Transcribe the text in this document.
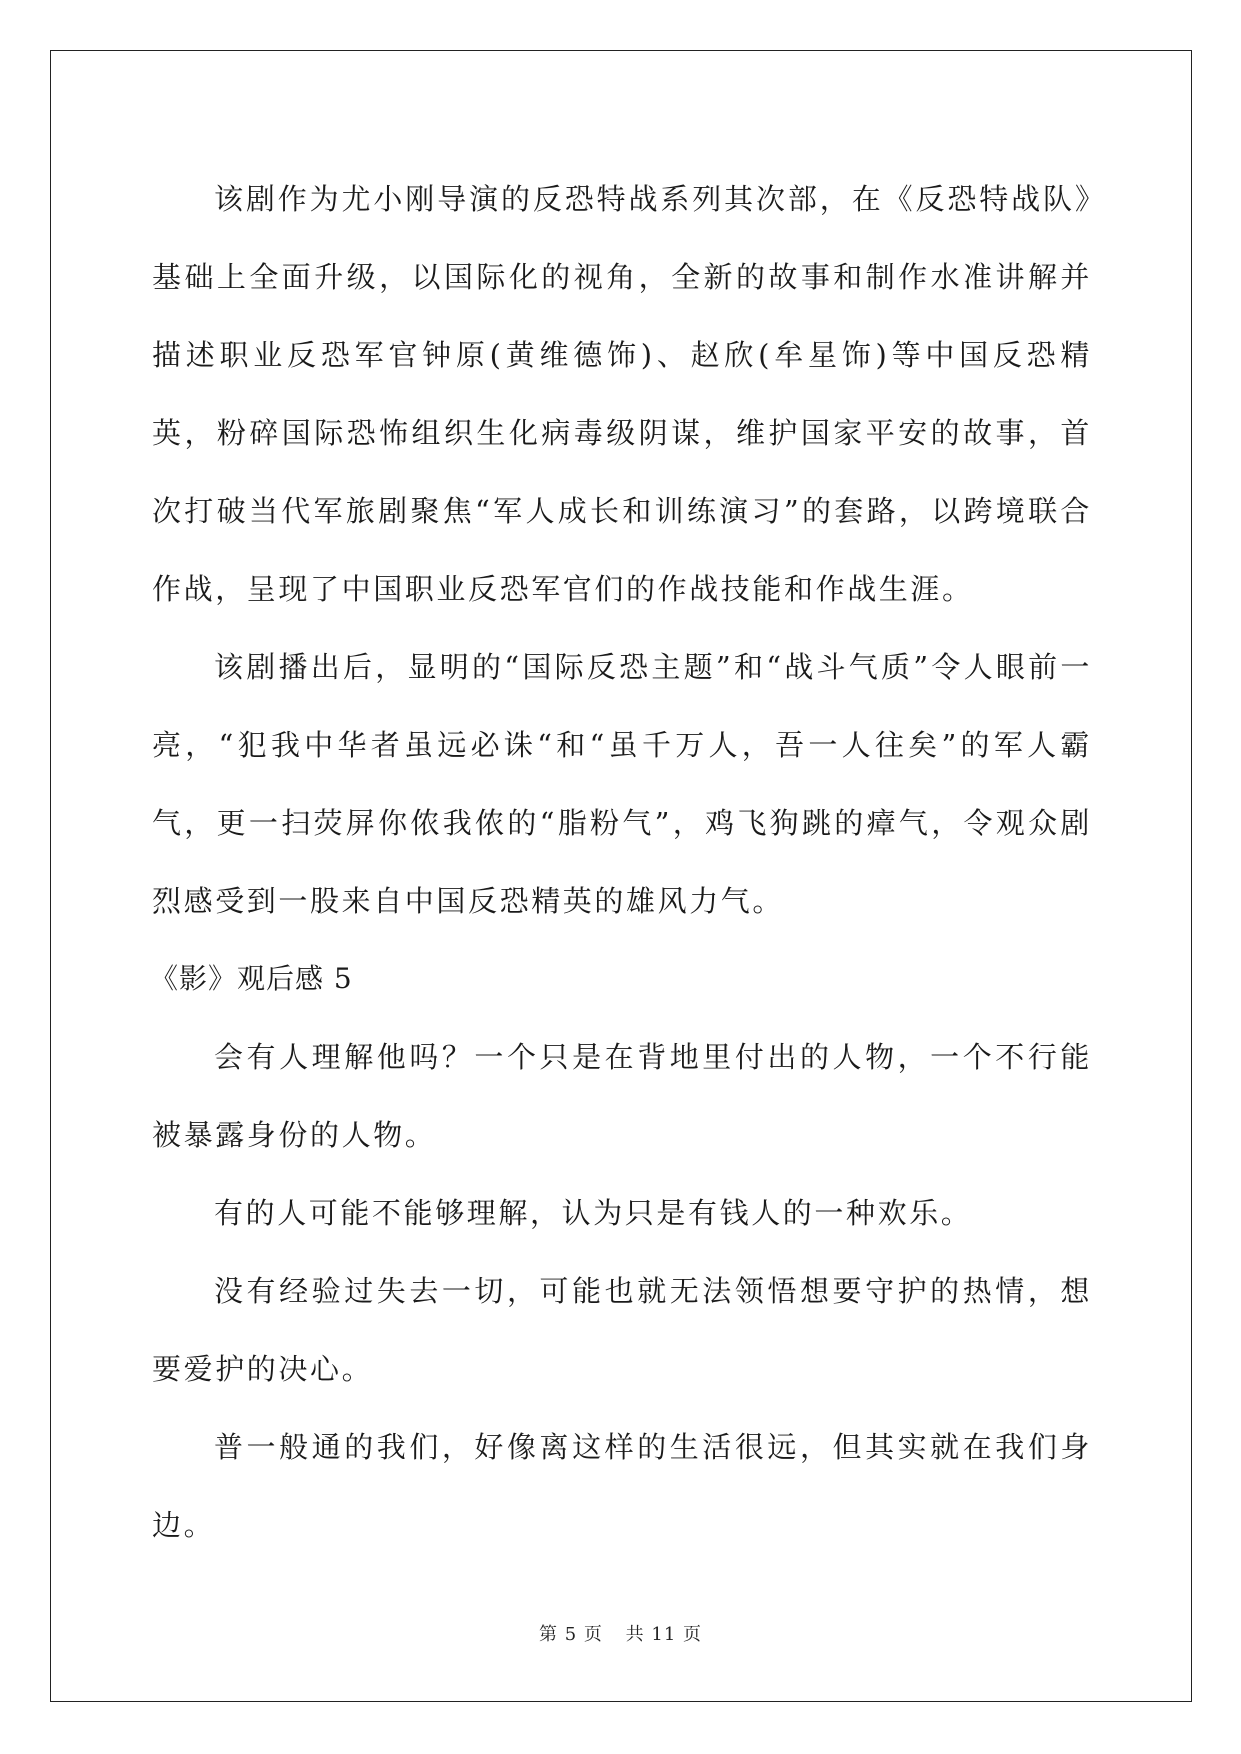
该剧作为尤小刚导演的反恐特战系列其次部，在《反恐特战队》基础上全面升级，以国际化的视角，全新的故事和制作水准讲解并描述职业反恐军官钟原(黄维德饰)、赵欣(牟星饰)等中国反恐精英，粉碎国际恐怖组织生化病毒级阴谋，维护国家平安的故事，首次打破当代军旅剧聚焦“军人成长和训练演习”的套路，以跨境联合作战，呈现了中国职业反恐军官们的作战技能和作战生涯。

该剧播出后，显明的“国际反恐主题”和“战斗气质”令人眼前一亮，“犯我中华者虽远必诛“和“虽千万人，吾一人往矣”的军人霸气，更一扫荧屏你侬我侬的“脂粉气”，鸡飞狗跳的瘴气，令观众剧烈感受到一股来自中国反恐精英的雄风力气。

《影》观后感 5

会有人理解他吗？一个只是在背地里付出的人物，一个不行能被暴露身份的人物。

有的人可能不能够理解，认为只是有钱人的一种欢乐。

没有经验过失去一切，可能也就无法领悟想要守护的热情，想要爱护的决心。

普一般通的我们，好像离这样的生活很远，但其实就在我们身边。

第 5 页 共 11 页
